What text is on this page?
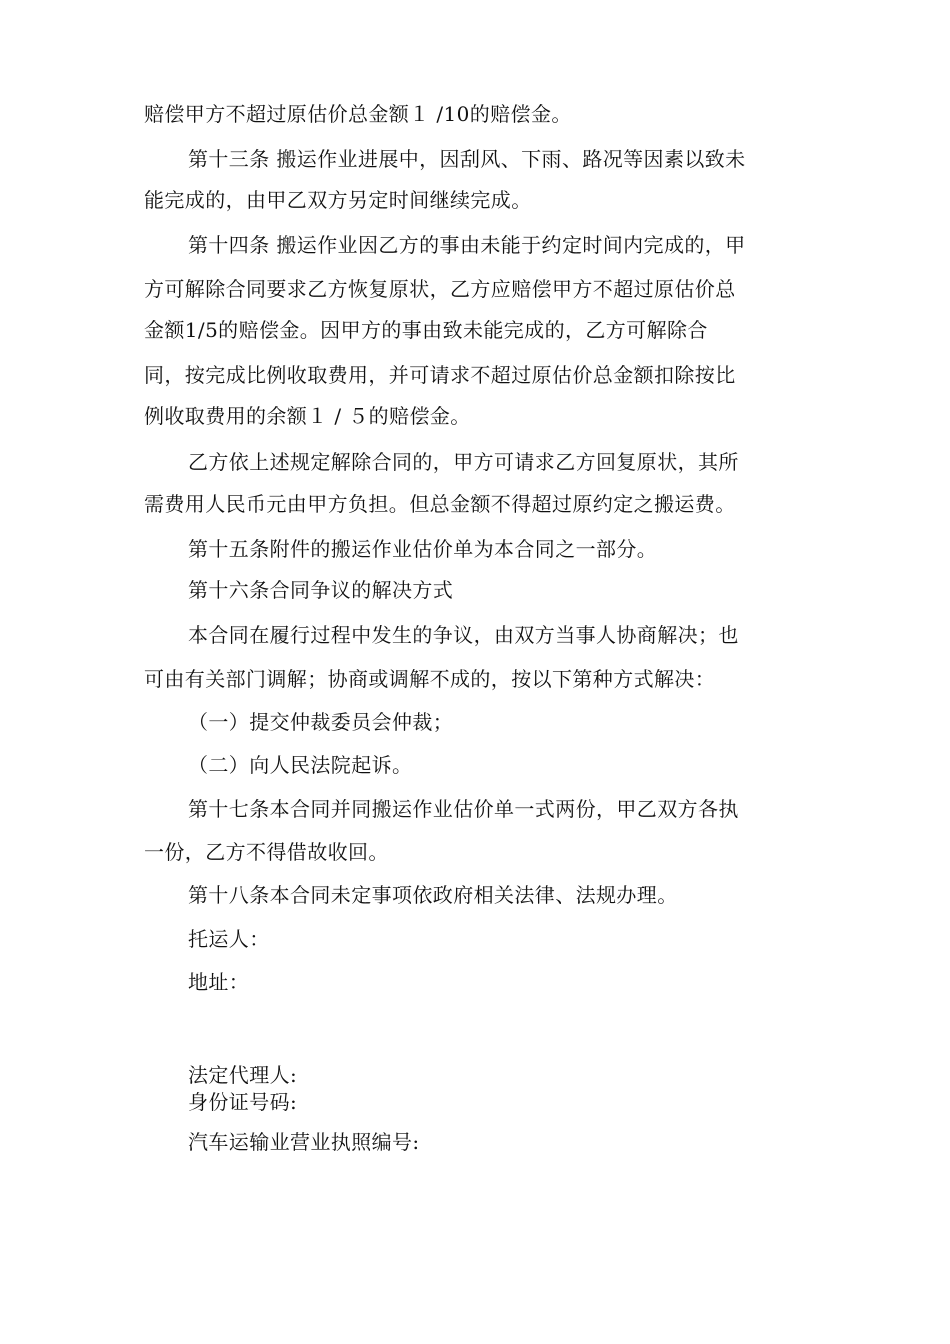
赔偿甲方不超过原估价总金额１ /10的赔偿金。
第十三条 搬运作业进展中，因刮风、下雨、路况等因素以致未
能完成的，由甲乙双方另定时间继续完成。
第十四条 搬运作业因乙方的事由未能于约定时间内完成的，甲
方可解除合同要求乙方恢复原状，乙方应赔偿甲方不超过原估价总
金额1/5的赔偿金。因甲方的事由致未能完成的，乙方可解除合
同，按完成比例收取费用，并可请求不超过原估价总金额扣除按比
例收取费用的余额１ / ５的赔偿金。
乙方依上述规定解除合同的，甲方可请求乙方回复原状，其所
需费用人民币元由甲方负担。但总金额不得超过原约定之搬运费。
第十五条附件的搬运作业估价单为本合同之一部分。
第十六条合同争议的解决方式
本合同在履行过程中发生的争议，由双方当事人协商解决；也
可由有关部门调解；协商或调解不成的，按以下第种方式解决：
（一）提交仲裁委员会仲裁；
（二）向人民法院起诉。
第十七条本合同并同搬运作业估价单一式两份，甲乙双方各执
一份，乙方不得借故收回。
第十八条本合同未定事项依政府相关法律、法规办理。
托运人：
地址：
法定代理人:
身份证号码:
汽车运输业营业执照编号:
